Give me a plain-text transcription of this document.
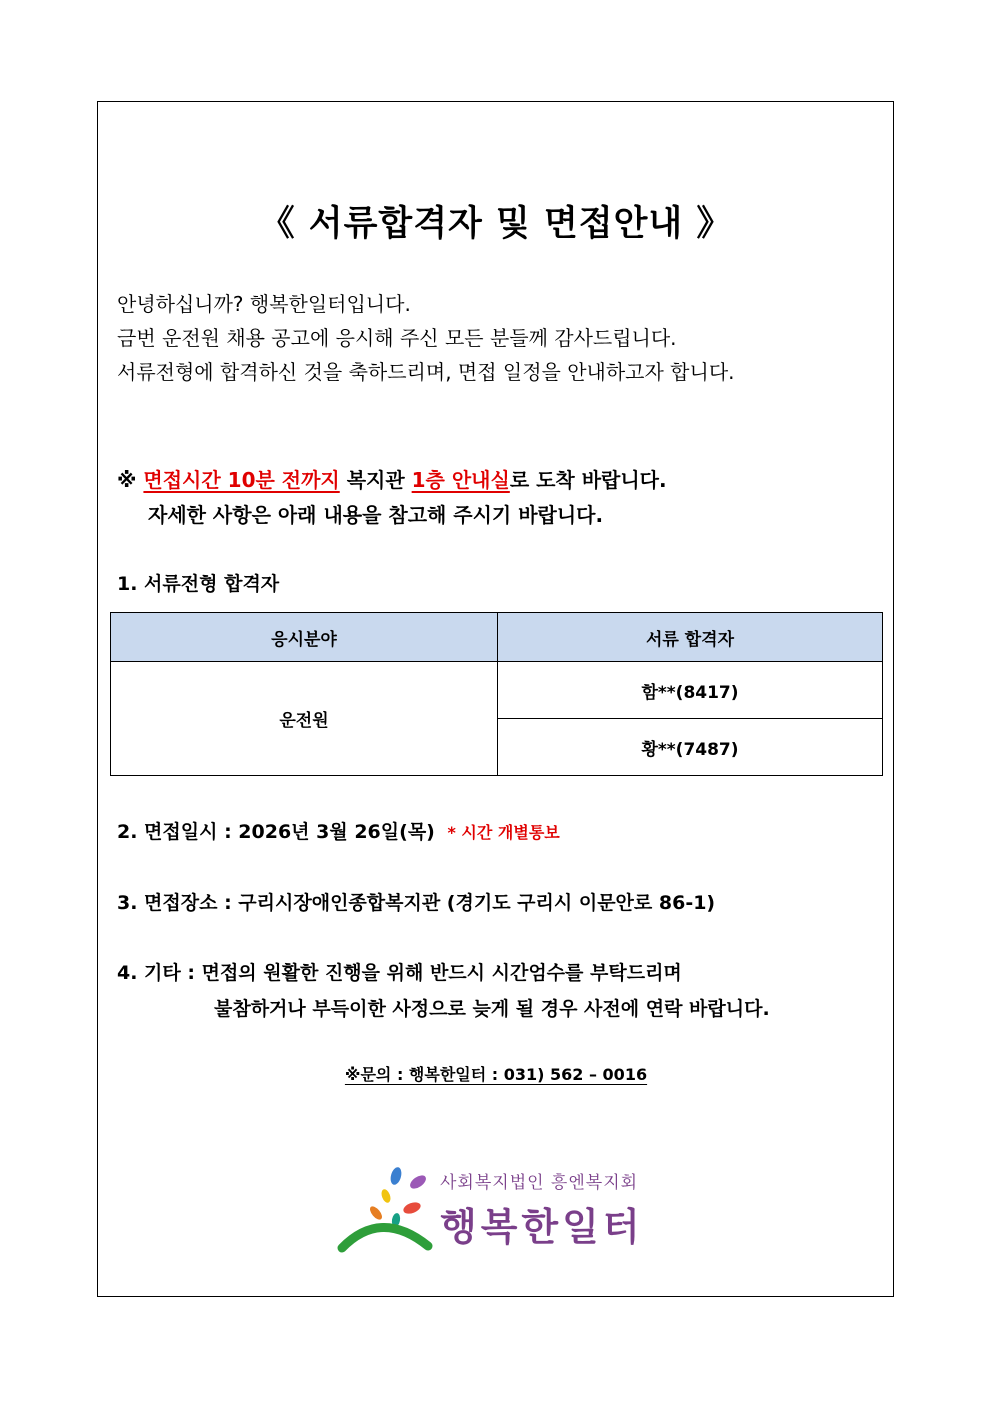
《 서류합격자 및 면접안내 》
안녕하십니까? 행복한일터입니다.
금번 운전원 채용 공고에 응시해 주신 모든 분들께 감사드립니다.
서류전형에 합격하신 것을 축하드리며, 면접 일정을 안내하고자 합니다.
※ 면접시간 10분 전까지 복지관 1층 안내실로 도착 바랍니다.
자세한 사항은 아래 내용을 참고해 주시기 바랍니다.
1. 서류전형 합격자
응시분야	서류 합격자
운전원	함**(8417)
	황**(7487)
2. 면접일시 : 2026년 3월 26일(목) * 시간 개별통보
3. 면접장소 : 구리시장애인종합복지관 (경기도 구리시 이문안로 86-1)
4. 기타 : 면접의 원활한 진행을 위해 반드시 시간엄수를 부탁드리며
불참하거나 부득이한 사정으로 늦게 될 경우 사전에 연락 바랍니다.
※문의 : 행복한일터 : 031) 562 – 0016
사회복지법인 흥엔복지회
행복한일터
